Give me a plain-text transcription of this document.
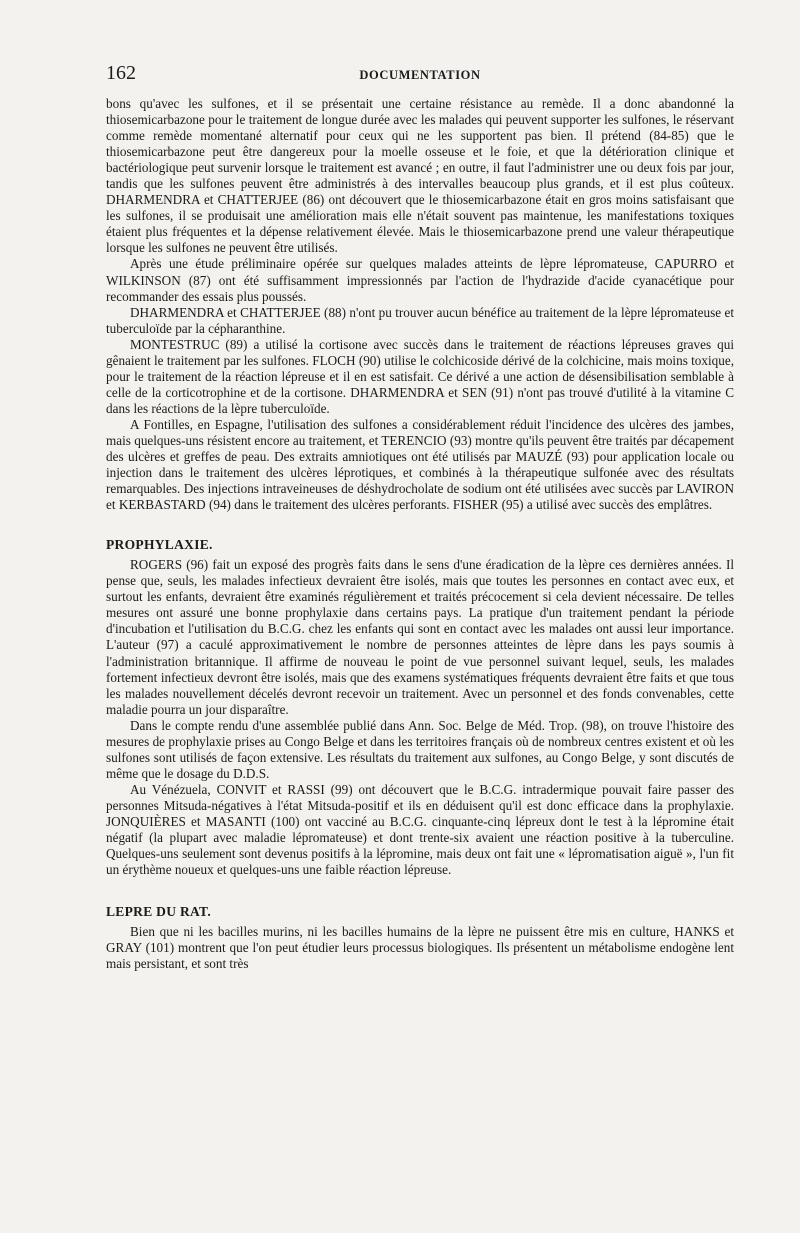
162	DOCUMENTATION

bons qu'avec les sulfones, et il se présentait une certaine résistance au remède. Il a donc abandonné la thiosemicarbazone pour le traitement de longue durée avec les malades qui peuvent supporter les sulfones, le réservant comme remède momentané alternatif pour ceux qui ne les supportent pas bien. Il prétend (84-85) que le thiosemicarbazone peut être dangereux pour la moelle osseuse et le foie, et que la détérioration clinique et bactériologique peut survenir lorsque le traitement est avancé ; en outre, il faut l'administrer une ou deux fois par jour, tandis que les sulfones peuvent être administrés à des intervalles beaucoup plus grands, et il est plus coûteux. DHARMENDRA et CHATTERJEE (86) ont découvert que le thiosemicarbazone était en gros moins satisfaisant que les sulfones, il se produisait une amélioration mais elle n'était souvent pas maintenue, les manifestations toxiques étaient plus fréquentes et la dépense relativement élevée. Mais le thiosemicarbazone prend une valeur thérapeutique lorsque les sulfones ne peuvent être utilisés.

Après une étude préliminaire opérée sur quelques malades atteints de lèpre lépromateuse, CAPURRO et WILKINSON (87) ont été suffisamment impressionnés par l'action de l'hydrazide d'acide cyanacétique pour recommander des essais plus poussés.

DHARMENDRA et CHATTERJEE (88) n'ont pu trouver aucun bénéfice au traitement de la lèpre lépromateuse et tuberculoïde par la cépharanthine.

MONTESTRUC (89) a utilisé la cortisone avec succès dans le traitement de réactions lépreuses graves qui gênaient le traitement par les sulfones. FLOCH (90) utilise le colchicoside dérivé de la colchicine, mais moins toxique, pour le traitement de la réaction lépreuse et il en est satisfait. Ce dérivé a une action de désensibilisation semblable à celle de la corticotrophine et de la cortisone. DHARMENDRA et SEN (91) n'ont pas trouvé d'utilité à la vitamine C dans les réactions de la lèpre tuberculoïde.

A Fontilles, en Espagne, l'utilisation des sulfones a considérablement réduit l'incidence des ulcères des jambes, mais quelques-uns résistent encore au traitement, et TERENCIO (93) montre qu'ils peuvent être traités par décapement des ulcères et greffes de peau. Des extraits amniotiques ont été utilisés par MAUZÉ (93) pour application locale ou injection dans le traitement des ulcères léprotiques, et combinés à la thérapeutique sulfonée avec des résultats remarquables. Des injections intraveineuses de déshydrocholate de sodium ont été utilisées avec succès par LAVIRON et KERBASTARD (94) dans le traitement des ulcères perforants. FISHER (95) a utilisé avec succès des emplâtres.

PROPHYLAXIE.

ROGERS (96) fait un exposé des progrès faits dans le sens d'une éradication de la lèpre ces dernières années. Il pense que, seuls, les malades infectieux devraient être isolés, mais que toutes les personnes en contact avec eux, et surtout les enfants, devraient être examinés régulièrement et traités précocement si cela devient nécessaire. De telles mesures ont assuré une bonne prophylaxie dans certains pays. La pratique d'un traitement pendant la période d'incubation et l'utilisation du B.C.G. chez les enfants qui sont en contact avec les malades ont aussi leur importance. L'auteur (97) a caculé approximativement le nombre de personnes atteintes de lèpre dans les pays soumis à l'administration britannique. Il affirme de nouveau le point de vue personnel suivant lequel, seuls, les malades fortement infectieux devront être isolés, mais que des examens systématiques fréquents devraient être faits et que tous les malades nouvellement décelés devront recevoir un traitement. Avec un personnel et des fonds convenables, cette maladie pourra un jour disparaître.

Dans le compte rendu d'une assemblée publié dans Ann. Soc. Belge de Méd. Trop. (98), on trouve l'histoire des mesures de prophylaxie prises au Congo Belge et dans les territoires français où de nombreux centres existent et où les sulfones sont utilisés de façon extensive. Les résultats du traitement aux sulfones, au Congo Belge, y sont discutés de même que le dosage du D.D.S.

Au Vénézuela, CONVIT et RASSI (99) ont découvert que le B.C.G. intradermique pouvait faire passer des personnes Mitsuda-négatives à l'état Mitsuda-positif et ils en déduisent qu'il est donc efficace dans la prophylaxie. JONQUIÈRES et MASANTI (100) ont vacciné au B.C.G. cinquante-cinq lépreux dont le test à la lépromine était négatif (la plupart avec maladie lépromateuse) et dont trente-six avaient une réaction positive à la tuberculine. Quelques-uns seulement sont devenus positifs à la lépromine, mais deux ont fait une « lépromatisation aiguë », l'un fit un érythème noueux et quelques-uns une faible réaction lépreuse.

LEPRE DU RAT.

Bien que ni les bacilles murins, ni les bacilles humains de la lèpre ne puissent être mis en culture, HANKS et GRAY (101) montrent que l'on peut étudier leurs processus biologiques. Ils présentent un métabolisme endogène lent mais persistant, et sont très
